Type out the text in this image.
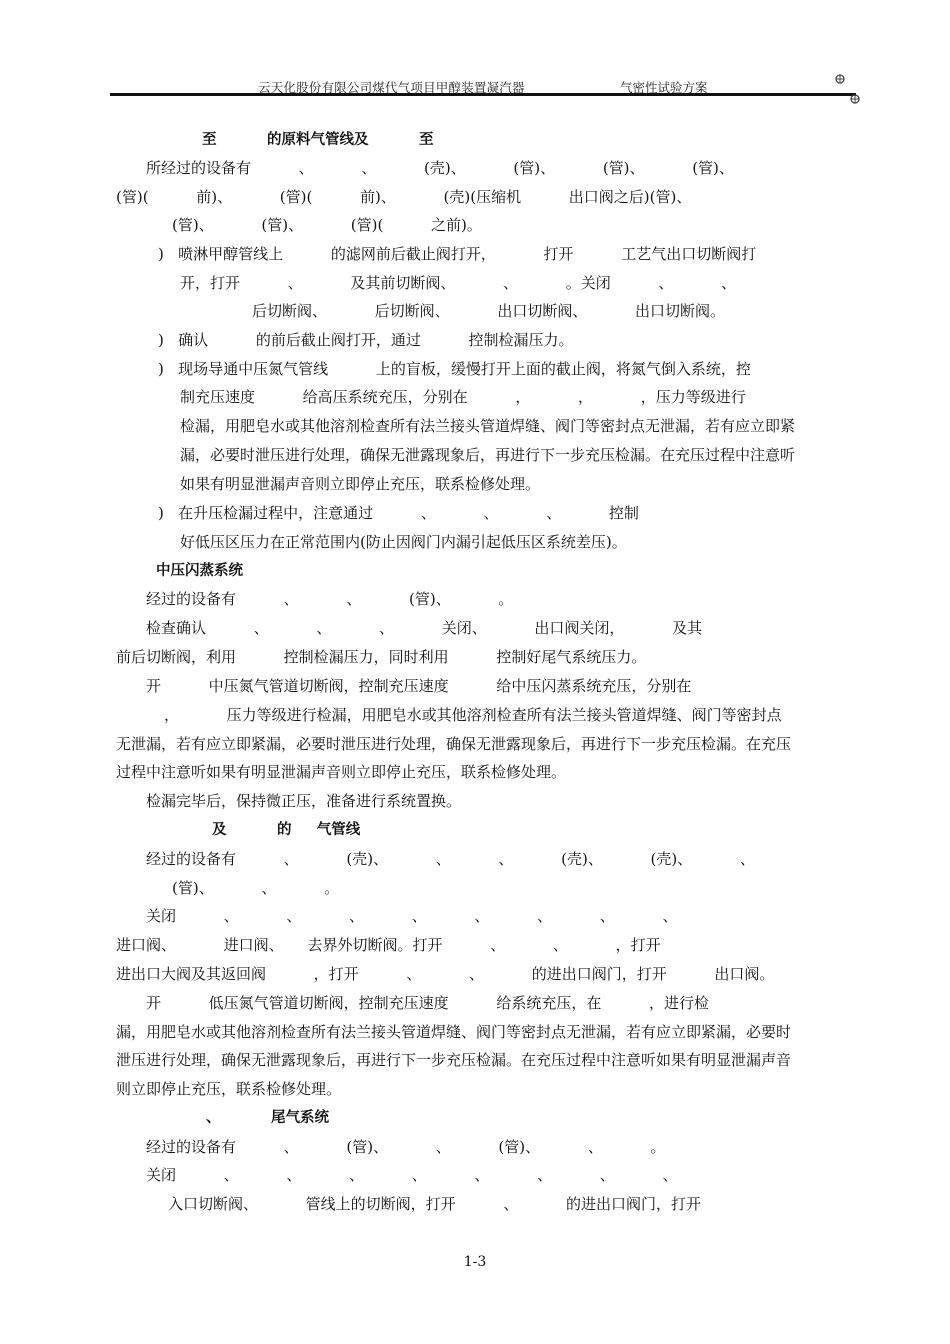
云天化股份有限公司煤代气项目甲醇装置凝汽器	气密性试验方案
至          的原料气管线及          至
所经过的设备有          、          、          (壳)、          (管)、          (管)、          (管)、
(管)(          前)、          (管)(          前)、          (壳)(压缩机          出口阀之后)(管)、
(管)、          (管)、          (管)(          之前)。
)   喷淋甲醇管线上          的滤网前后截止阀打开，          打开          工艺气出口切断阀打
开，打开          、          及其前切断阀、          、          。关闭          、          、
后切断阀、          后切断阀、          出口切断阀、          出口切断阀。
)   确认          的前后截止阀打开，通过          控制检漏压力。
)   现场导通中压氮气管线          上的盲板，缓慢打开上面的截止阀，将氮气倒入系统，控
制充压速度          给高压系统充压，分别在          ，          ，          ，压力等级进行
检漏，用肥皂水或其他溶剂检查所有法兰接头管道焊缝、阀门等密封点无泄漏，若有应立即紧
漏，必要时泄压进行处理，确保无泄露现象后，再进行下一步充压检漏。在充压过程中注意听
如果有明显泄漏声音则立即停止充压，联系检修处理。
)   在升压检漏过程中，注意通过          、          、          、          控制
好低压区压力在正常范围内(防止因阀门内漏引起低压区系统差压)。
中压闪蒸系统
经过的设备有          、          、          (管)、          。
检查确认          、          、          、          关闭、          出口阀关闭，          及其
前后切断阀，利用          控制检漏压力，同时利用          控制好尾气系统压力。
开          中压氮气管道切断阀，控制充压速度          给中压闪蒸系统充压，分别在
，          压力等级进行检漏，用肥皂水或其他溶剂检查所有法兰接头管道焊缝、阀门等密封点
无泄漏，若有应立即紧漏，必要时泄压进行处理，确保无泄露现象后，再进行下一步充压检漏。在充压
过程中注意听如果有明显泄漏声音则立即停止充压，联系检修处理。
检漏完毕后，保持微正压，准备进行系统置换。
及          的     气管线
经过的设备有          、          (壳)、          、          、          (壳)、          (壳)、          、
(管)、          、          。
关闭          、          、          、          、          、          、          、          、
进口阀、          进口阀、     去界外切断阀。打开          、          、          ，打开
进出口大阀及其返回阀          ，打开          、          、          的进出口阀门，打开          出口阀。
开          低压氮气管道切断阀，控制充压速度          给系统充压，在          ，进行检
漏，用肥皂水或其他溶剂检查所有法兰接头管道焊缝、阀门等密封点无泄漏，若有应立即紧漏，必要时
泄压进行处理，确保无泄露现象后，再进行下一步充压检漏。在充压过程中注意听如果有明显泄漏声音
则立即停止充压，联系检修处理。
、          尾气系统
经过的设备有          、          (管)、          、          (管)、          、          。
关闭          、          、          、          、          、          、          、          、
入口切断阀、          管线上的切断阀，打开          、          的进出口阀门，打开
1-3
